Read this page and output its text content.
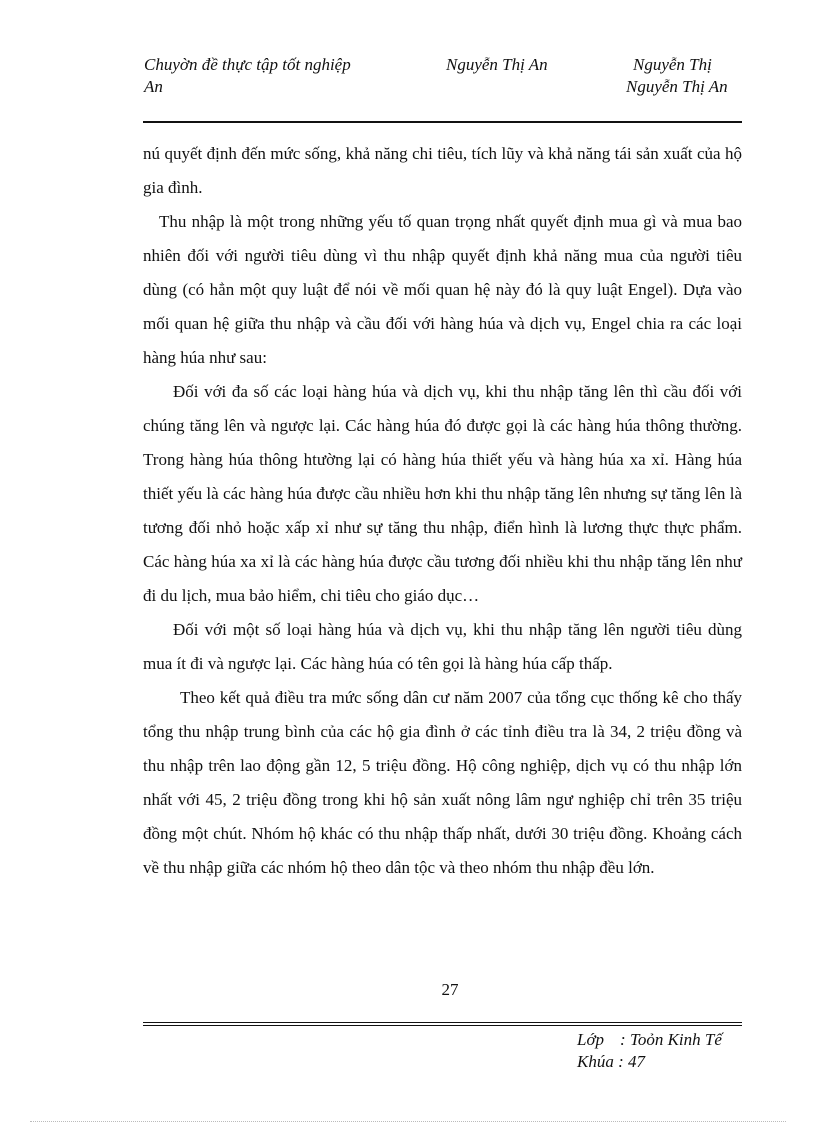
Chuyờn đề thực tập tốt nghiệp
An
Nguyễn Thị An	Nguyễn Thị
Nguyễn Thị An

nú quyết định đến mức sống, khả năng chi tiêu, tích lũy và khả năng tái sản xuất của hộ gia đình.

Thu nhập là một trong những yếu tố quan trọng nhất quyết định mua gì và mua bao nhiên đối với người tiêu dùng vì thu nhập quyết định khả năng mua của người tiêu dùng (có hẳn một quy luật để nói về mối quan hệ này đó là quy luật Engel). Dựa vào mối quan hệ giữa thu nhập và cầu đối với hàng húa và dịch vụ, Engel chia ra các loại hàng húa như sau:

Đối với đa số các loại hàng húa và dịch vụ, khi thu nhập tăng lên thì cầu đối với chúng tăng lên và ngược lại. Các hàng húa đó được gọi là các hàng húa thông thường. Trong hàng húa thông htường lại có hàng húa thiết yếu và hàng húa xa xỉ. Hàng húa thiết yếu là các hàng húa được cầu nhiều hơn khi thu nhập tăng lên nhưng sự tăng lên là tương đối nhỏ hoặc xấp xỉ như sự tăng thu nhập, điển hình là lương thực thực phẩm. Các hàng húa xa xỉ là các hàng húa được cầu tương đối nhiều khi thu nhập tăng lên như đi du lịch, mua bảo hiểm, chi tiêu cho giáo dục…

Đối với một số loại hàng húa và dịch vụ, khi thu nhập tăng lên người tiêu dùng mua ít đi và ngược lại. Các hàng húa có tên gọi là hàng húa cấp thấp.

Theo kết quả điều tra mức sống dân cư năm 2007 của tổng cục thống kê cho thấy tổng thu nhập trung bình của các hộ gia đình ở các tỉnh điều tra là 34, 2 triệu đồng và thu nhập trên lao động gần 12, 5 triệu đồng. Hộ công nghiệp, dịch vụ có thu nhập lớn nhất với 45, 2 triệu đồng trong khi hộ sản xuất nông lâm ngư nghiệp chỉ trên 35 triệu đồng một chút. Nhóm hộ khác có thu nhập thấp nhất, dưới 30 triệu đồng. Khoảng cách về thu nhập giữa các nhóm hộ theo dân tộc và theo nhóm thu nhập đều lớn.

27
Lớp : Toỏn Kinh Tế
Khúa : 47
